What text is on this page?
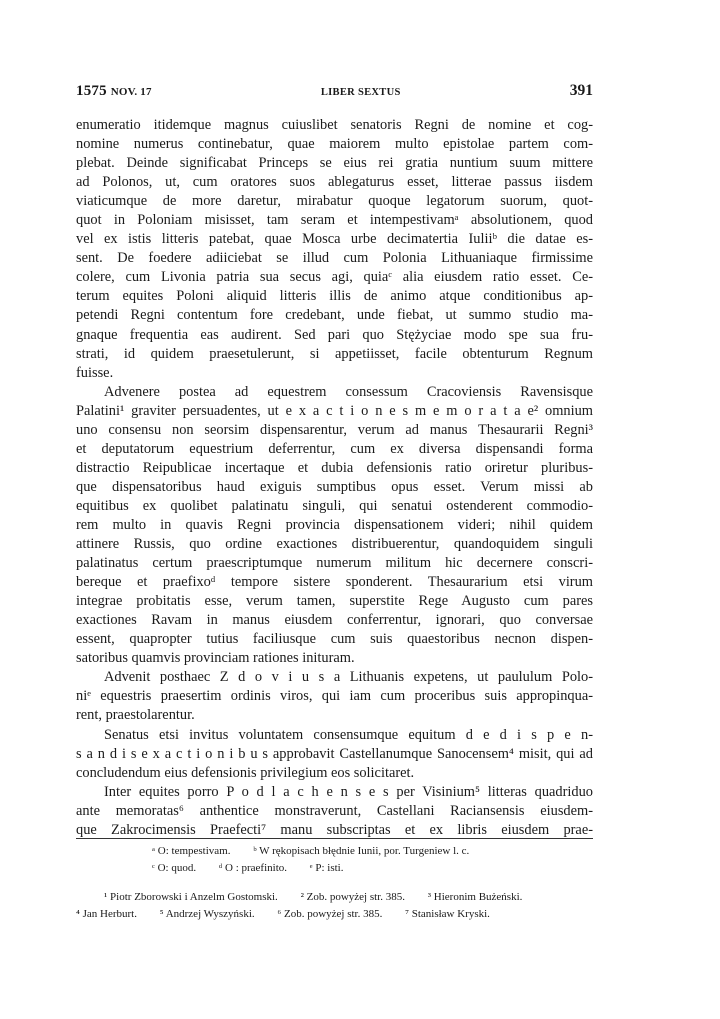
1575 NOV. 17	LIBER SEXTUS	391
enumeratio itidemque magnus cuiuslibet senatoris Regni de nomine et cog-
nomine numerus continebatur, quae maiorem multo epistolae partem com-
plebat. Deinde significabat Princeps se eius rei gratia nuntium suum mittere
ad Polonos, ut, cum oratores suos ablegaturus esset, litterae passus iisdem
viaticumque de more daretur, mirabatur quoque legatorum suorum, quot-
quot in Poloniam misisset, tam seram et intempestivamᵃ absolutionem, quod
vel ex istis litteris patebat, quae Mosca urbe decimatertia Iuliiᵇ die datae es-
sent. De foedere adiiciebat se illud cum Polonia Lithuaniaque firmissime
colere, cum Livonia patria sua secus agi, quiaᶜ alia eiusdem ratio esset. Ce-
terum equites Poloni aliquid litteris illis de animo atque conditionibus ap-
petendi Regni contentum fore credebant, unde fiebat, ut summo studio ma-
gnaque frequentia eas audirent. Sed pari quo Stężyciae modo spe sua fru-
strati, id quidem praesetulerunt, si appetiisset, facile obtenturum Regnum
fuisse.
Advenere postea ad equestrem consessum Cracoviensis Ravensisque
Palatini¹ graviter persuadentes, ut e x a c t i o n e s m e m o r a t a e² omnium
uno consensu non seorsim dispensarentur, verum ad manus Thesaurarii Regni³
et deputatorum equestrium deferrentur, cum ex diversa dispensandi forma
distractio Reipublicae incertaque et dubia defensionis ratio oriretur pluribus-
que dispensatoribus haud exiguis sumptibus opus esset. Verum missi ab
equitibus ex quolibet palatinatu singuli, qui senatui ostenderent commodio-
rem multo in quavis Regni provincia dispensationem videri; nihil quidem
attinere Russis, quo ordine exactiones distribuerentur, quandoquidem singuli
palatinatus certum praescriptumque numerum militum hic decernere conscri-
bereque et praefixoᵈ tempore sistere sponderent. Thesaurarium etsi virum
integrae probitatis esse, verum tamen, superstite Rege Augusto cum pares
exactiones Ravam in manus eiusdem conferrentur, ignorari, quo conversae
essent, quapropter tutius faciliusque cum suis quaestoribus necnon dispen-
satoribus quamvis provinciam rationes inituram.
Advenit posthaec Z d o v i u s a Lithuanis expetens, ut paululum Polo-
niᵉ equestris praesertim ordinis viros, qui iam cum proceribus suis appropinqua-
rent, praestolarentur.
Senatus etsi invitus voluntatem consensumque equitum d e d i s p e n-
s a n d i s e x a c t i o n i b u s approbavit Castellanumque Sanocensem⁴ misit, qui ad
concludendum eius defensionis privilegium eos solicitaret.
Inter equites porro P o d l a c h e n s e s per Visinium⁵ litteras quadriduo
ante memoratas⁶ anthentice monstraverunt, Castellani Raciansensis eiusdem-
que Zakrocimensis Praefecti⁷ manu subscriptas et ex libris eiusdem prae-
ᵃ O: tempestivam. ᵇ W rękopisach błędnie Iunii, por. Turgeniew l. c.
ᶜ O: quod. ᵈ O : praefinito. ᵉ P: isti.
¹ Piotr Zborowski i Anzelm Gostomski. ² Zob. powyżej str. 385. ³ Hieronim Bużeński.
⁴ Jan Herburt. ⁵ Andrzej Wyszyński. ⁶ Zob. powyżej str. 385. ⁷ Stanisław Kryski.
